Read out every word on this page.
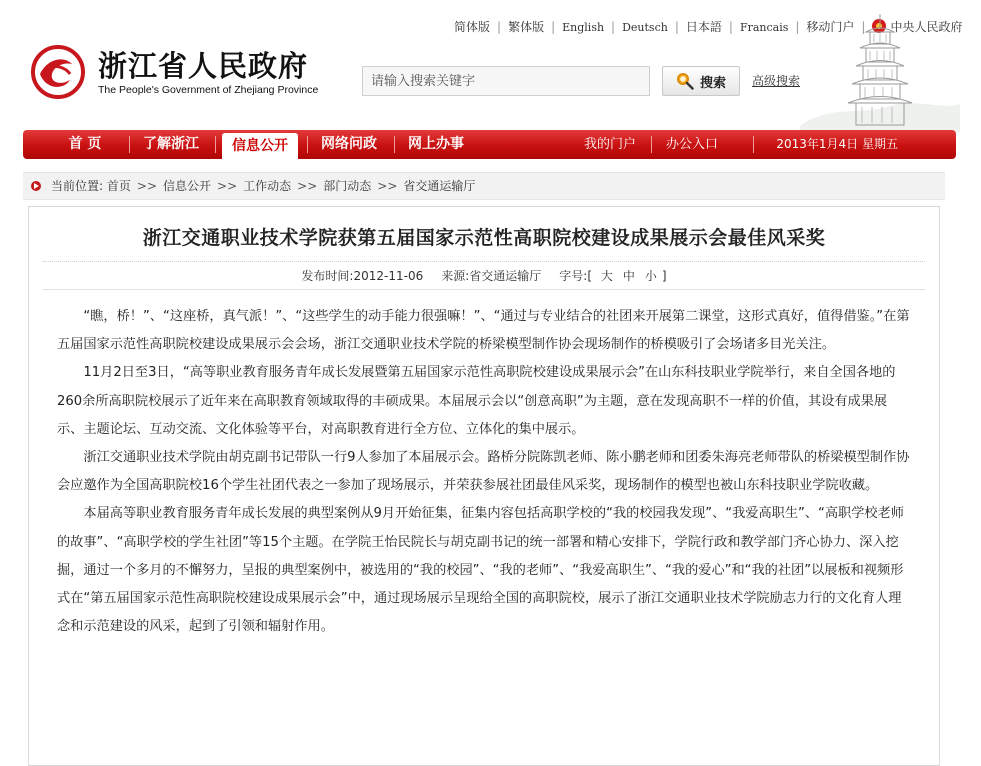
简体版 | 繁体版 | English | Deutsch | 日本語 | Francais | 移动门户 | 中央人民政府
浙江省人民政府
The People's Government of Zhejiang Province
请输入搜索关键字	搜索 高级搜索
首 页	了解浙江	信息公开	网络问政	网上办事	我的门户 办公入口	2013年1月4日 星期五
当前位置: 首页 >> 信息公开 >> 工作动态 >> 部门动态 >> 省交通运输厅
浙江交通职业技术学院获第五届国家示范性高职院校建设成果展示会最佳风采奖
发布时间:2012-11-06 来源:省交通运输厅 字号:[ 大 中 小 ]

“瞧，桥！”、“这座桥，真气派！”、“这些学生的动手能力很强嘛！”、“通过与专业结合的社团来开展第二课堂，这形式真好，值得借鉴。”在第五届国家示范性高职院校建设成果展示会会场，浙江交通职业技术学院的桥梁模型制作协会现场制作的桥模吸引了会场诸多目光关注。

11月2日至3日，“高等职业教育服务青年成长发展暨第五届国家示范性高职院校建设成果展示会”在山东科技职业学院举行，来自全国各地的260余所高职院校展示了近年来在高职教育领域取得的丰硕成果。本届展示会以“创意高职”为主题，意在发现高职不一样的价值，其设有成果展示、主题论坛、互动交流、文化体验等平台，对高职教育进行全方位、立体化的集中展示。

浙江交通职业技术学院由胡克副书记带队一行9人参加了本届展示会。路桥分院陈凯老师、陈小鹏老师和团委朱海亮老师带队的桥梁模型制作协会应邀作为全国高职院校16个学生社团代表之一参加了现场展示，并荣获参展社团最佳风采奖，现场制作的模型也被山东科技职业学院收藏。

本届高等职业教育服务青年成长发展的典型案例从9月开始征集，征集内容包括高职学校的“我的校园我发现”、“我爱高职生”、“高职学校老师的故事”、“高职学校的学生社团”等15个主题。在学院王怡民院长与胡克副书记的统一部署和精心安排下，学院行政和教学部门齐心协力、深入挖掘，通过一个多月的不懈努力，呈报的典型案例中，被选用的“我的校园”、“我的老师”、“我爱高职生”、“我的爱心”和“我的社团”以展板和视频形式在“第五届国家示范性高职院校建设成果展示会”中，通过现场展示呈现给全国的高职院校，展示了浙江交通职业技术学院励志力行的文化育人理念和示范建设的风采，起到了引领和辐射作用。
